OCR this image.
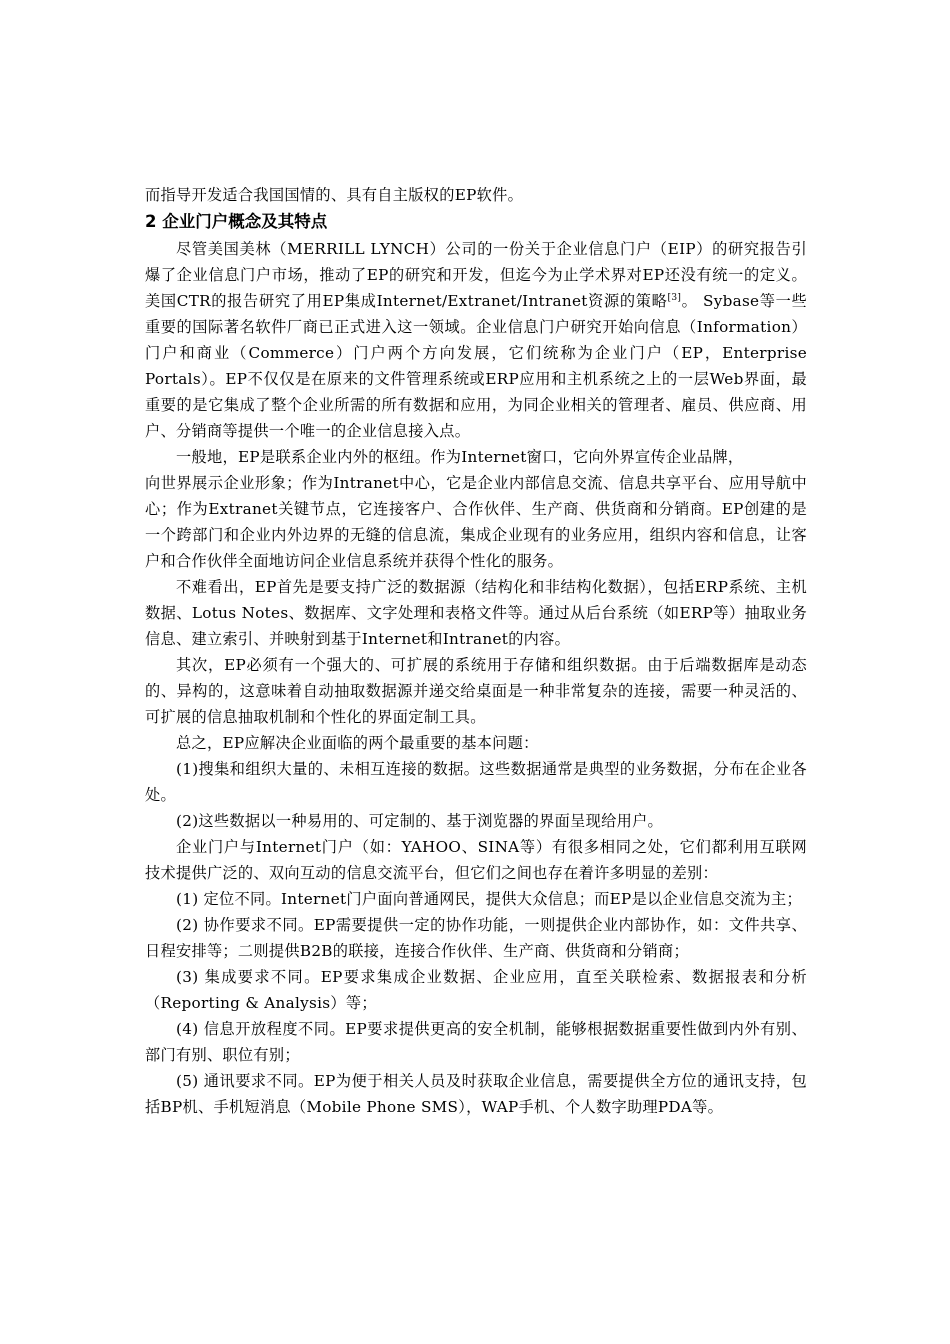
而指导开发适合我国国情的、具有自主版权的EP软件。

2 企业门户概念及其特点

尽管美国美林（MERRILL LYNCH）公司的一份关于企业信息门户（EIP）的研究报告引爆了企业信息门户市场，推动了EP的研究和开发，但迄今为止学术界对EP还没有统一的定义。美国CTR的报告研究了用EP集成Internet/Extranet/Intranet资源的策略[3]。 Sybase等一些重要的国际著名软件厂商已正式进入这一领域。企业信息门户研究开始向信息（Information）门户和商业（Commerce）门户两个方向发展，它们统称为企业门户（EP，Enterprise Portals）。EP不仅仅是在原来的文件管理系统或ERP应用和主机系统之上的一层Web界面，最重要的是它集成了整个企业所需的所有数据和应用，为同企业相关的管理者、雇员、供应商、用户、分销商等提供一个唯一的企业信息接入点。

一般地，EP是联系企业内外的枢纽。作为Internet窗口，它向外界宣传企业品牌，
向世界展示企业形象；作为Intranet中心，它是企业内部信息交流、信息共享平台、应用导航中心；作为Extranet关键节点，它连接客户、合作伙伴、生产商、供货商和分销商。EP创建的是一个跨部门和企业内外边界的无缝的信息流，集成企业现有的业务应用，组织内容和信息，让客户和合作伙伴全面地访问企业信息系统并获得个性化的服务。

不难看出，EP首先是要支持广泛的数据源（结构化和非结构化数据），包括ERP系统、主机数据、Lotus Notes、数据库、文字处理和表格文件等。通过从后台系统（如ERP等）抽取业务信息、建立索引、并映射到基于Internet和Intranet的内容。

其次，EP必须有一个强大的、可扩展的系统用于存储和组织数据。由于后端数据库是动态的、异构的，这意味着自动抽取数据源并递交给桌面是一种非常复杂的连接，需要一种灵活的、可扩展的信息抽取机制和个性化的界面定制工具。

总之，EP应解决企业面临的两个最重要的基本问题：

(1)搜集和组织大量的、未相互连接的数据。这些数据通常是典型的业务数据，分布在企业各处。

(2)这些数据以一种易用的、可定制的、基于浏览器的界面呈现给用户。

企业门户与Internet门户（如：YAHOO、SINA等）有很多相同之处，它们都利用互联网技术提供广泛的、双向互动的信息交流平台，但它们之间也存在着许多明显的差别：

(1) 定位不同。Internet门户面向普通网民，提供大众信息；而EP是以企业信息交流为主；

(2) 协作要求不同。EP需要提供一定的协作功能，一则提供企业内部协作，如：文件共享、日程安排等；二则提供B2B的联接，连接合作伙伴、生产商、供货商和分销商；

(3) 集成要求不同。EP要求集成企业数据、企业应用，直至关联检索、数据报表和分析（Reporting & Analysis）等；

(4) 信息开放程度不同。EP要求提供更高的安全机制，能够根据数据重要性做到内外有别、部门有别、职位有别；

(5) 通讯要求不同。EP为便于相关人员及时获取企业信息，需要提供全方位的通讯支持，包括BP机、手机短消息（Mobile Phone SMS），WAP手机、个人数字助理PDA等。
